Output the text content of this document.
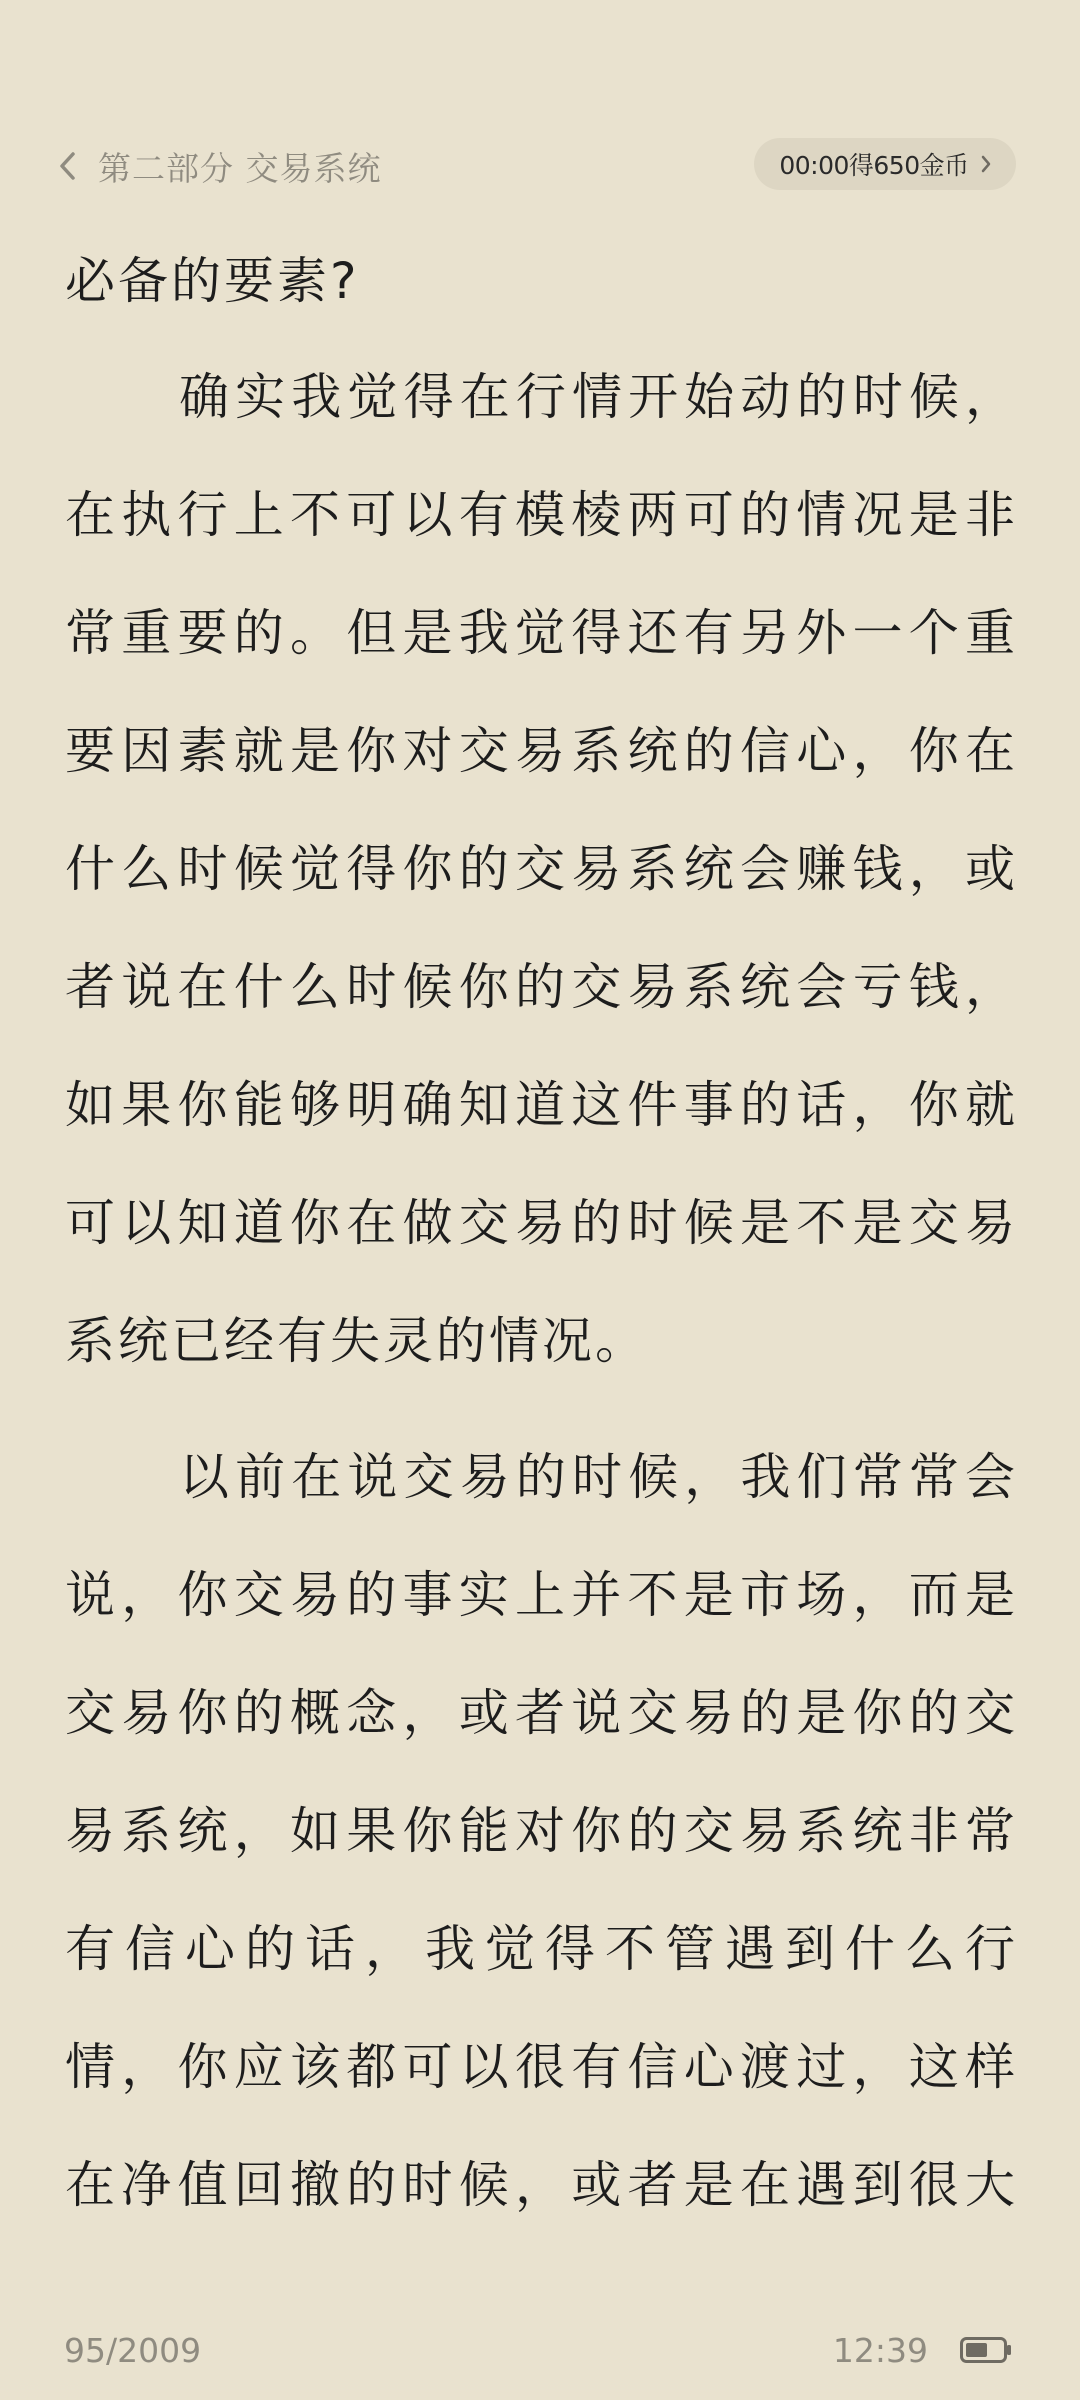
第二部分 交易系统	00:00得650金币
必备的要素?
确实我觉得在行情开始动的时候，
在执行上不可以有模棱两可的情况是非
常重要的。但是我觉得还有另外一个重
要因素就是你对交易系统的信心，你在
什么时候觉得你的交易系统会赚钱，或
者说在什么时候你的交易系统会亏钱，
如果你能够明确知道这件事的话，你就
可以知道你在做交易的时候是不是交易
系统已经有失灵的情况。
以前在说交易的时候，我们常常会
说，你交易的事实上并不是市场，而是
交易你的概念，或者说交易的是你的交
易系统，如果你能对你的交易系统非常
有信心的话，我觉得不管遇到什么行
情，你应该都可以很有信心渡过，这样
在净值回撤的时候，或者是在遇到很大
95/2009	12:39
